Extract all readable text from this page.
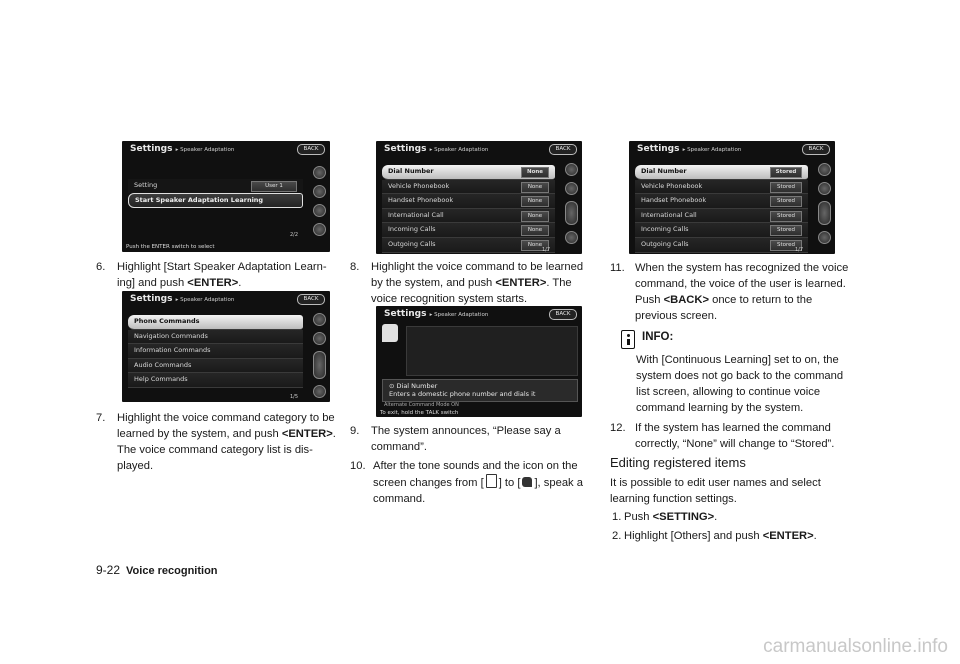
Settings ▸ Speaker Adaptation	BACK
Setting	User 1
Start Speaker Adaptation Learning
2/2
Push the ENTER switch to select
6. Highlight [Start Speaker Adaptation Learn-
ing] and push <ENTER>.
Settings ▸ Speaker Adaptation	BACK
Phone Commands
Navigation Commands
Information Commands
Audio Commands
Help Commands
1/5
7. Highlight the voice command category to be
learned by the system, and push <ENTER>.
The voice command category list is dis-
played.
Settings ▸ Speaker Adaptation	BACK
Dial Number	None
Vehicle Phonebook	None
Handset Phonebook	None
International Call	None
Incoming Calls	None
Outgoing Calls	None
1/7
8. Highlight the voice command to be learned
by the system, and push <ENTER>. The
voice recognition system starts.
Settings ▸ Speaker Adaptation	BACK
⊙ Dial Number
Enters a domestic phone number and dials it
Alternate Command Mode ON
To exit, hold the TALK switch
9. The system announces, “Please say a
command”.
10. After the tone sounds and the icon on the
screen changes from [ ] to [ ], speak a
command.
Settings ▸ Speaker Adaptation	BACK
Dial Number	Stored
Vehicle Phonebook	Stored
Handset Phonebook	Stored
International Call	Stored
Incoming Calls	Stored
Outgoing Calls	Stored
1/7
11. When the system has recognized the voice
command, the voice of the user is learned.
Push <BACK> once to return to the
previous screen.
INFO:
With [Continuous Learning] set to on, the
system does not go back to the command
list screen, allowing to continue voice
command learning by the system.
12. If the system has learned the command
correctly, “None” will change to “Stored”.
Editing registered items
It is possible to edit user names and select
learning function settings.
1. Push <SETTING>.
2. Highlight [Others] and push <ENTER>.
9-22 Voice recognition
carmanualsonline.info
